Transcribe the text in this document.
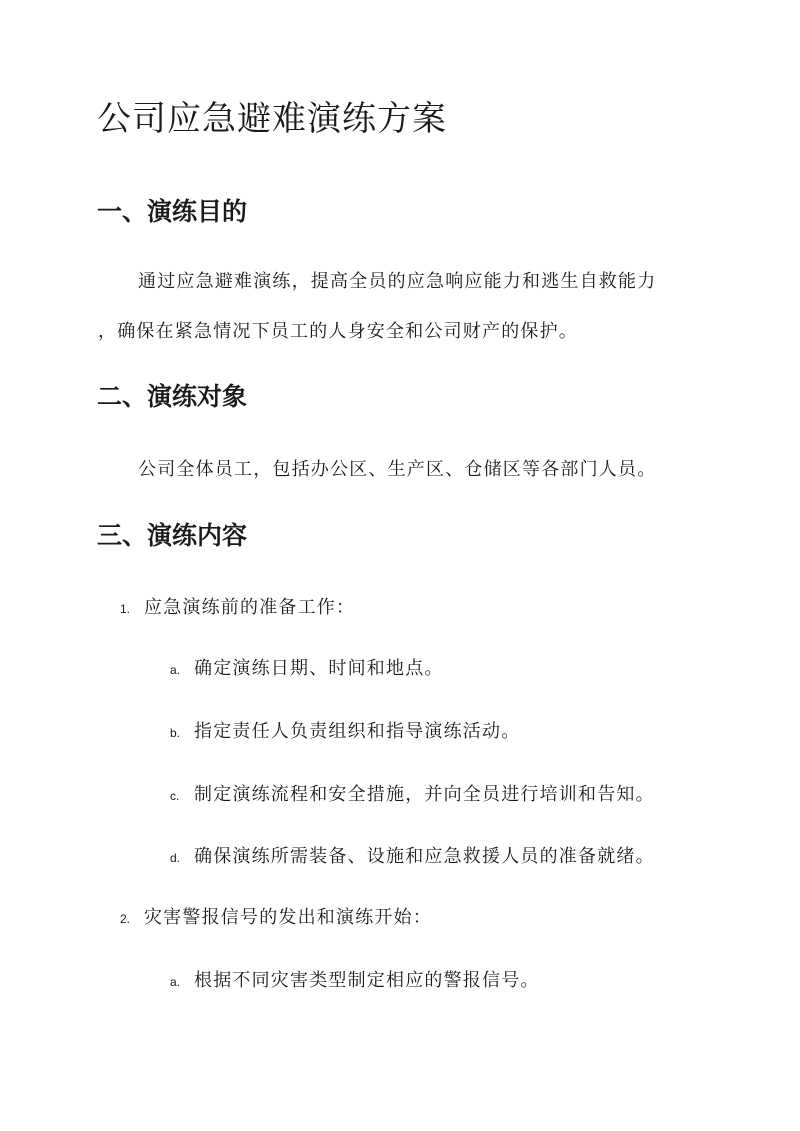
公司应急避难演练方案
一、演练目的
通过应急避难演练，提高全员的应急响应能力和逃生自救能力
，确保在紧急情况下员工的人身安全和公司财产的保护。
二、演练对象
公司全体员工，包括办公区、生产区、仓储区等各部门人员。
三、演练内容
1. 应急演练前的准备工作：
a. 确定演练日期、时间和地点。
b. 指定责任人负责组织和指导演练活动。
c. 制定演练流程和安全措施，并向全员进行培训和告知。
d. 确保演练所需装备、设施和应急救援人员的准备就绪。
2. 灾害警报信号的发出和演练开始：
a. 根据不同灾害类型制定相应的警报信号。
